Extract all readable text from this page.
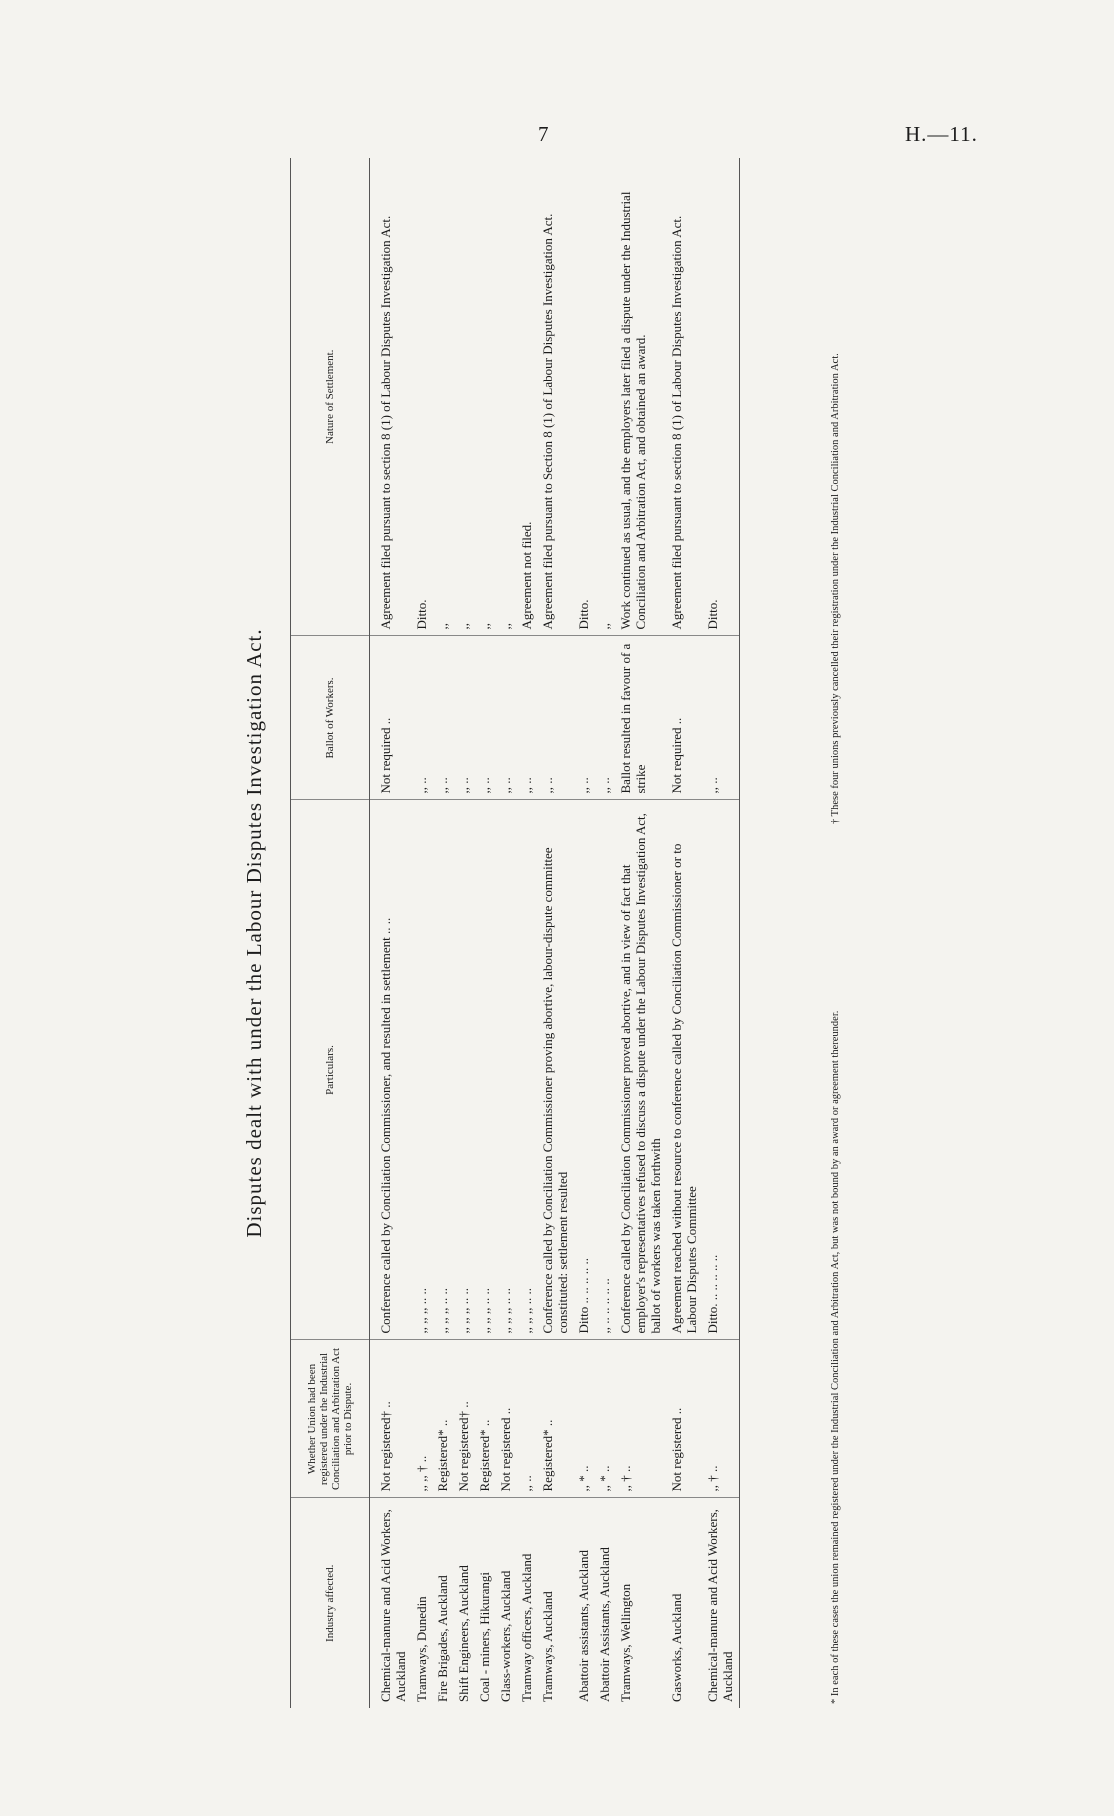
7	H.—11.
Disputes dealt with under the Labour Disputes Investigation Act.
Industry affected.	Whether Union had been registered under the Industrial Conciliation and Arbitration Act prior to Dispute.	Particulars.	Ballot of Workers.	Nature of Settlement.
Chemical-manure and Acid Workers, Auckland	Not registered† ..	Conference called by Conciliation Commissioner, and resulted in settlement .. ..	Not required ..	Agreement filed pursuant to section 8 (1) of Labour Disputes Investigation Act.
Tramways, Dunedin	,, ,, † ..	,, ,, ,, .. ..	,, ..	Ditto.
Fire Brigades, Auckland	Registered* ..	,, ,, ,, .. ..	,, ..	,,
Shift Engineers, Auckland	Not registered† ..	,, ,, ,, .. ..	,, ..	,,
Coal - miners, Hikurangi	Registered* ..	,, ,, ,, .. ..	,, ..	,,
Glass-workers, Auckland	Not registered ..	,, ,, ,, .. ..	,, ..	,,
Tramway officers, Auckland	,, ..	,, ,, ,, .. ..	,, ..	Agreement not filed.
Tramways, Auckland	Registered* ..	Conference called by Conciliation Commissioner proving abortive, labour-dispute committee constituted: settlement resulted	,, ..	Agreement filed pursuant to Section 8 (1) of Labour Disputes Investigation Act.
Abattoir assistants, Auckland	,, * ..	Ditto .. .. .. .. ..	,, ..	Ditto.
Abattoir Assistants, Auckland	,, * ..	,, .. .. .. .. ..	,, ..	,,
Tramways, Wellington	,, † ..	Conference called by Conciliation Commissioner proved abortive, and in view of fact that employer's representatives refused to discuss a dispute under the Labour Disputes Investigation Act, ballot of workers was taken forthwith	Ballot resulted in favour of a strike	Work continued as usual, and the employers later filed a dispute under the Industrial Conciliation and Arbitration Act, and obtained an award.
Gasworks, Auckland	Not registered ..	Agreement reached without resource to conference called by Conciliation Commissioner or to Labour Disputes Committee	Not required ..	Agreement filed pursuant to section 8 (1) of Labour Disputes Investigation Act.
Chemical-manure and Acid Workers, Auckland	,, † ..	Ditto. .. .. .. .. ..	,, ..	Ditto.
* In each of these cases the union remained registered under the Industrial Conciliation and Arbitration Act, but was not bound by an award or agreement thereunder.
† These four unions previously cancelled their registration under the Industrial Conciliation and Arbitration Act.
